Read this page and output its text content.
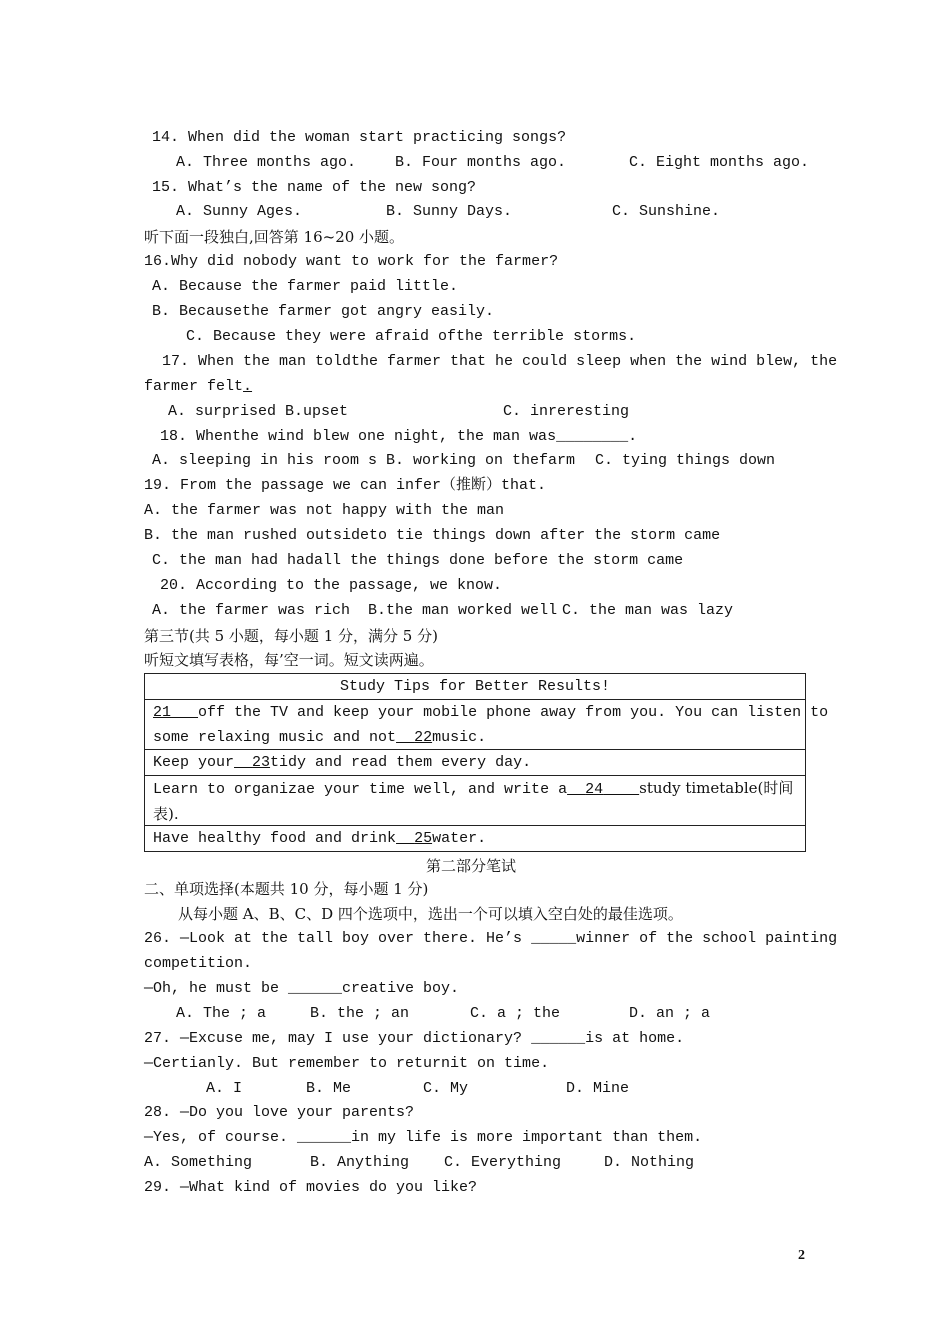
14. When did the woman start practicing songs?
A. Three months ago.	B. Four months ago.	C. Eight months ago.
15. What’s the name of the new song?
A. Sunny Ages.	B. Sunny Days.	C. Sunshine.
听下面一段独白,回答第 16~20 小题。
16.Why did nobody want to work for the farmer?
A. Because the farmer paid little.
B. Becausethe farmer got angry easily.
C. Because they were afraid ofthe terrible storms.
17. When the man toldthe farmer that he could sleep when the wind blew, the
farmer felt.
A. surprised B.upset	C. inreresting
18. Whenthe wind blew one night, the man was________.
A. sleeping in his room s B. working on thefarm C. tying things down
19. From the passage we can infer（推断）that.
A. the farmer was not happy with the man
B. the man rushed outsideto tie things down after the storm came
C. the man had hadall the things done before the storm came
20. According to the passage, we know.
A. the farmer was rich  B.the man worked well C. the man was lazy
第三节(共 5 小题，每小题 1 分，满分 5 分)
听短文填写表格，每’空一词。短文读两遍。
Study Tips for Better Results!
21 off the TV and keep your mobile phone away from you. You can listen to
some relaxing music and not 22music.
Keep your 23tidy and read them every day.
Learn to organizae your time well, and write a 24 study timetable(时间
表).
Have healthy food and drink 25water.
第二部分笔试
二、单项选择(本题共 10 分，每小题 1 分)
从每小题 A、B、C、D 四个选项中，选出一个可以填入空白处的最佳选项。
26. —Look at the tall boy over there. He’s _____winner of the school painting
competition.
—Oh, he must be ______creative boy.
A. The ; a	B. the ; an	C. a ; the	D. an ; a
27. —Excuse me, may I use your dictionary? ______is at home.
—Certianly. But remember to returnit on time.
A. I	B. Me	C. My	D. Mine
28. —Do you love your parents?
—Yes, of course. ______in my life is more important than them.
A. Something	B. Anything C. Everything	D. Nothing
29. —What kind of movies do you like?
2
